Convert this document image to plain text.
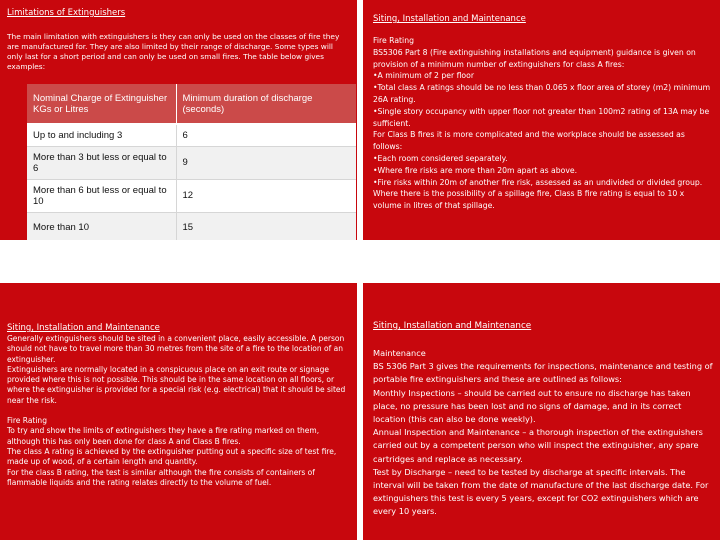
Limitations of Extinguishers

The main limitation with extinguishers is they can only be used on the classes of fire they are manufactured for. They are also limited by their range of discharge. Some types will only last for a short period and can only be used on small fires. The table below gives examples:

Nominal Charge of Extinguisher KGs or Litres	Minimum duration of discharge (seconds)
Up to and including 3	6
More than 3 but less or equal to 6	9
More than 6 but less or equal to 10	12
More than 10	15

Siting, Installation and Maintenance

Fire Rating

BS5306 Part 8 (Fire extinguishing installations and equipment) guidance is given on provision of a minimum number of extinguishers for class A fires:

•A minimum of 2 per floor

•Total class A ratings should be no less than 0.065 x floor area of storey (m2) minimum 26A rating.

•Single story occupancy with upper floor not greater than 100m2 rating of 13A may be sufficient.

For Class B fires it is more complicated and the workplace should be assessed as follows:

•Each room considered separately.

•Where fire risks are more than 20m apart as above.

•Fire risks within 20m of another fire risk, assessed as an undivided or divided group. Where there is the possibility of a spillage fire, Class B fire rating is equal to 10 x volume in litres of that spillage.

Siting, Installation and Maintenance

Generally extinguishers should be sited in a convenient place, easily accessible. A person should not have to travel more than 30 metres from the site of a fire to the location of an extinguisher.

Extinguishers are normally located in a conspicuous place on an exit route or signage provided where this is not possible. This should be in the same location on all floors, or where the extinguisher is provided for a special risk (e.g. electrical) that it should be sited near the risk.

Fire Rating

To try and show the limits of extinguishers they have a fire rating marked on them, although this has only been done for class A and Class B fires.

The class A rating is achieved by the extinguisher putting out a specific size of test fire, made up of wood, of a certain length and quantity.

For the class B rating, the test is similar although the fire consists of containers of flammable liquids and the rating relates directly to the volume of fuel.

Siting, Installation and Maintenance

Maintenance

BS 5306 Part 3 gives the requirements for inspections, maintenance and testing of portable fire extinguishers and these are outlined as follows:

Monthly Inspections – should be carried out to ensure no discharge has taken place, no pressure has been lost and no signs of damage, and in its correct location (this can also be done weekly).

Annual Inspection and Maintenance – a thorough inspection of the extinguishers carried out by a competent person who will inspect the extinguisher, any spare cartridges and replace as necessary.

Test by Discharge – need to be tested by discharge at specific intervals. The interval will be taken from the date of manufacture of the last discharge date. For extinguishers this test is every 5 years, except for CO2 extinguishers which are every 10 years.
